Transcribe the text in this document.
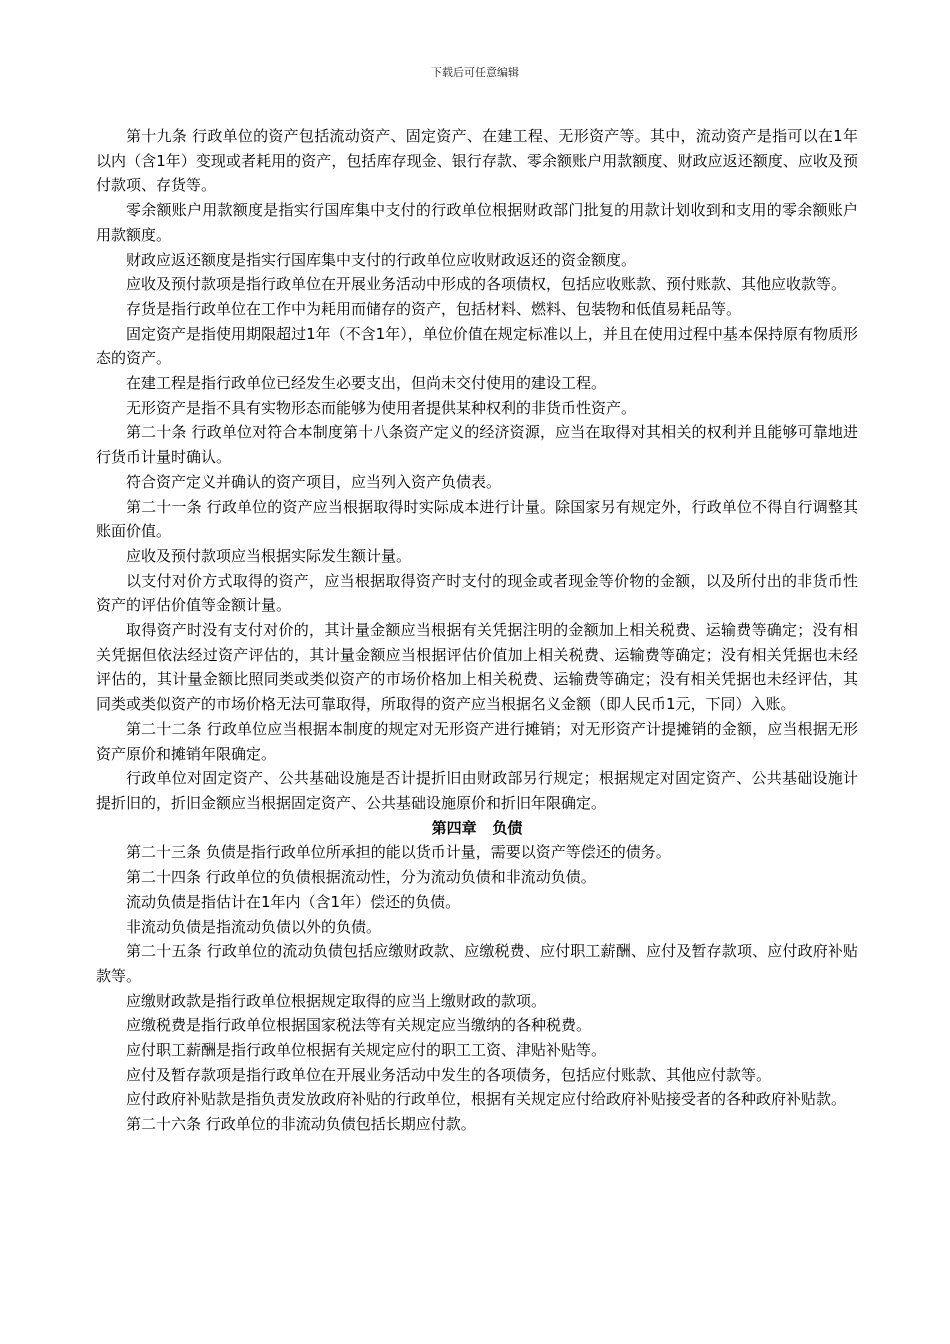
下载后可任意编辑

第十九条 行政单位的资产包括流动资产、固定资产、在建工程、无形资产等。其中，流动资产是指可以在1年以内（含1年）变现或者耗用的资产，包括库存现金、银行存款、零余额账户用款额度、财政应返还额度、应收及预付款项、存货等。

零余额账户用款额度是指实行国库集中支付的行政单位根据财政部门批复的用款计划收到和支用的零余额账户用款额度。

财政应返还额度是指实行国库集中支付的行政单位应收财政返还的资金额度。

应收及预付款项是指行政单位在开展业务活动中形成的各项债权，包括应收账款、预付账款、其他应收款等。

存货是指行政单位在工作中为耗用而储存的资产，包括材料、燃料、包装物和低值易耗品等。

固定资产是指使用期限超过1年（不含1年），单位价值在规定标准以上，并且在使用过程中基本保持原有物质形态的资产。

在建工程是指行政单位已经发生必要支出，但尚未交付使用的建设工程。

无形资产是指不具有实物形态而能够为使用者提供某种权利的非货币性资产。

第二十条 行政单位对符合本制度第十八条资产定义的经济资源，应当在取得对其相关的权利并且能够可靠地进行货币计量时确认。

符合资产定义并确认的资产项目，应当列入资产负债表。

第二十一条 行政单位的资产应当根据取得时实际成本进行计量。除国家另有规定外，行政单位不得自行调整其账面价值。

应收及预付款项应当根据实际发生额计量。

以支付对价方式取得的资产，应当根据取得资产时支付的现金或者现金等价物的金额，以及所付出的非货币性资产的评估价值等金额计量。

取得资产时没有支付对价的，其计量金额应当根据有关凭据注明的金额加上相关税费、运输费等确定；没有相关凭据但依法经过资产评估的，其计量金额应当根据评估价值加上相关税费、运输费等确定；没有相关凭据也未经评估的，其计量金额比照同类或类似资产的市场价格加上相关税费、运输费等确定；没有相关凭据也未经评估，其同类或类似资产的市场价格无法可靠取得，所取得的资产应当根据名义金额（即人民币1元，下同）入账。

第二十二条 行政单位应当根据本制度的规定对无形资产进行摊销；对无形资产计提摊销的金额，应当根据无形资产原价和摊销年限确定。

行政单位对固定资产、公共基础设施是否计提折旧由财政部另行规定；根据规定对固定资产、公共基础设施计提折旧的，折旧金额应当根据固定资产、公共基础设施原价和折旧年限确定。

第四章   负债

第二十三条 负债是指行政单位所承担的能以货币计量，需要以资产等偿还的债务。

第二十四条 行政单位的负债根据流动性，分为流动负债和非流动负债。

流动负债是指估计在1年内（含1年）偿还的负债。

非流动负债是指流动负债以外的负债。

第二十五条 行政单位的流动负债包括应缴财政款、应缴税费、应付职工薪酬、应付及暂存款项、应付政府补贴款等。

应缴财政款是指行政单位根据规定取得的应当上缴财政的款项。

应缴税费是指行政单位根据国家税法等有关规定应当缴纳的各种税费。

应付职工薪酬是指行政单位根据有关规定应付的职工工资、津贴补贴等。

应付及暂存款项是指行政单位在开展业务活动中发生的各项债务，包括应付账款、其他应付款等。

应付政府补贴款是指负责发放政府补贴的行政单位，根据有关规定应付给政府补贴接受者的各种政府补贴款。

第二十六条 行政单位的非流动负债包括长期应付款。
